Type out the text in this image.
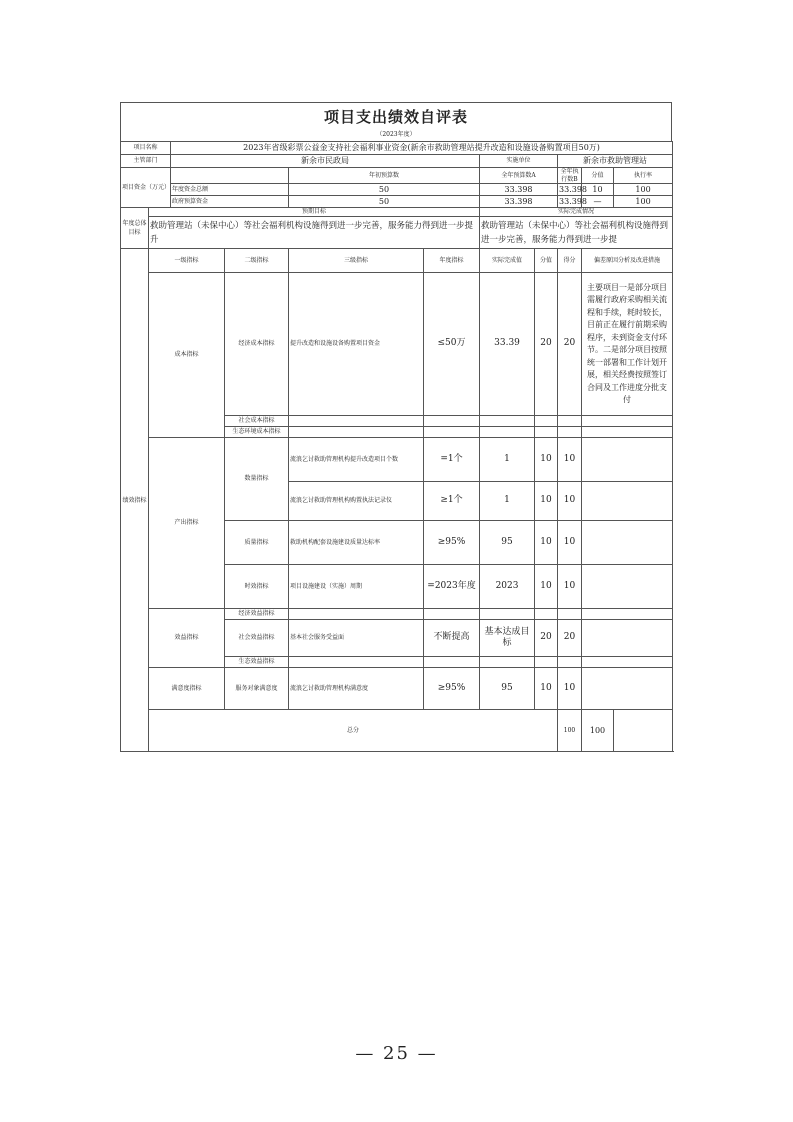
项目支出绩效自评表
（2023年度）
项目名称		2023年省级彩票公益金支持社会福利事业资金(新余市救助管理站提升改造和设施设备购置项目50万)								
主管部门		新余市民政局				实施单位		新余市救助管理站		
项目资金（万元）				年初预算数		全年预算数A		全年执行数B	分值	执行率
		年度资金总额		50		33.398		33.398	10	100
		政府预算资金		50		33.398		33.398	—	100
年度总体目标	预期目标					实际完成情况				
	救助管理站（未保中心）等社会福利机构设施得到进一步完善，服务能力得到进一步提升					救助管理站（未保中心）等社会福利机构设施得到进一步完善，服务能力得到进一步提				
绩效指标	一级指标		二级指标	三级指标	年度指标	实际完成值	分值	得分	偏差原因分析及改进措施	
	成本指标		经济成本指标	提升改造和设施设备购置项目资金	≤50万	33.39	20	20	主要项目一是部分项目需履行政府采购相关流程和手续，耗时较长，目前正在履行前期采购程序，未到资金支付环节。二是部分项目按照统一部署和工作计划开展，相关经费按照签订合同及工作进度分批支付	
			社会成本指标							
			生态环境成本指标							
	产出指标		数量指标	流浪乞讨救助管理机构提升改造项目个数	=1个	1	10	10		
				流浪乞讨救助管理机构购置执法记录仪	≥1个	1	10	10		
			质量指标	救助机构配套设施建设质量达标率	≥95%	95	10	10		
			时效指标	项目设施建设（实施）周期	=2023年度	2023	10	10		
	效益指标		经济效益指标							
			社会效益指标	基本社会服务受益面	不断提高	基本达成目标	20	20		
			生态效益指标							
	满意度指标		服务对象满意度	流浪乞讨救助管理机构满意度	≥95%	95	10	10		
	总分							100	100	
— 25 —
